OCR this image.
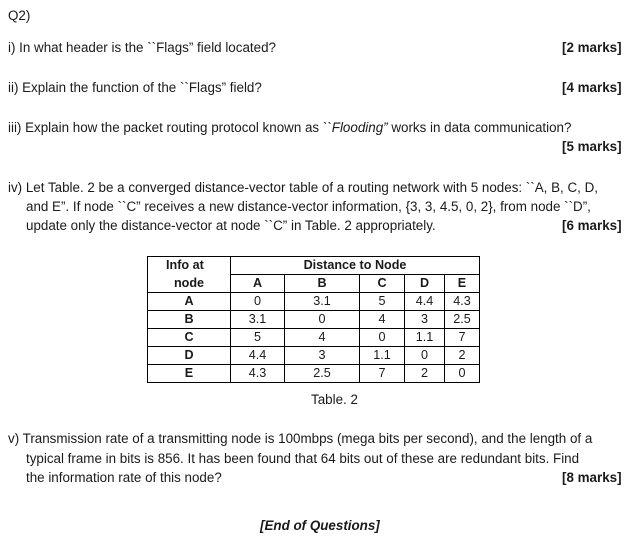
Q2)
i) In what header is the ``Flags” field located?	[2 marks]
ii) Explain the function of the ``Flags” field?	[4 marks]
iii) Explain how the packet routing protocol known as ``Flooding” works in data communication?
[5 marks]
iv) Let Table. 2 be a converged distance-vector table of a routing network with 5 nodes: ``A, B, C, D,
and E”. If node ``C” receives a new distance-vector information, {3, 3, 4.5, 0, 2}, from node ``D”,
update only the distance-vector at node ``C” in Table. 2 appropriately.	[6 marks]
Info at	Distance to Node				
node	A	B	C	D	E
A	0	3.1	5	4.4	4.3
B	3.1	0	4	3	2.5
C	5	4	0	1.1	7
D	4.4	3	1.1	0	2
E	4.3	2.5	7	2	0
Table. 2
v) Transmission rate of a transmitting node is 100mbps (mega bits per second), and the length of a
typical frame in bits is 856. It has been found that 64 bits out of these are redundant bits. Find
the information rate of this node?	[8 marks]
[End of Questions]
